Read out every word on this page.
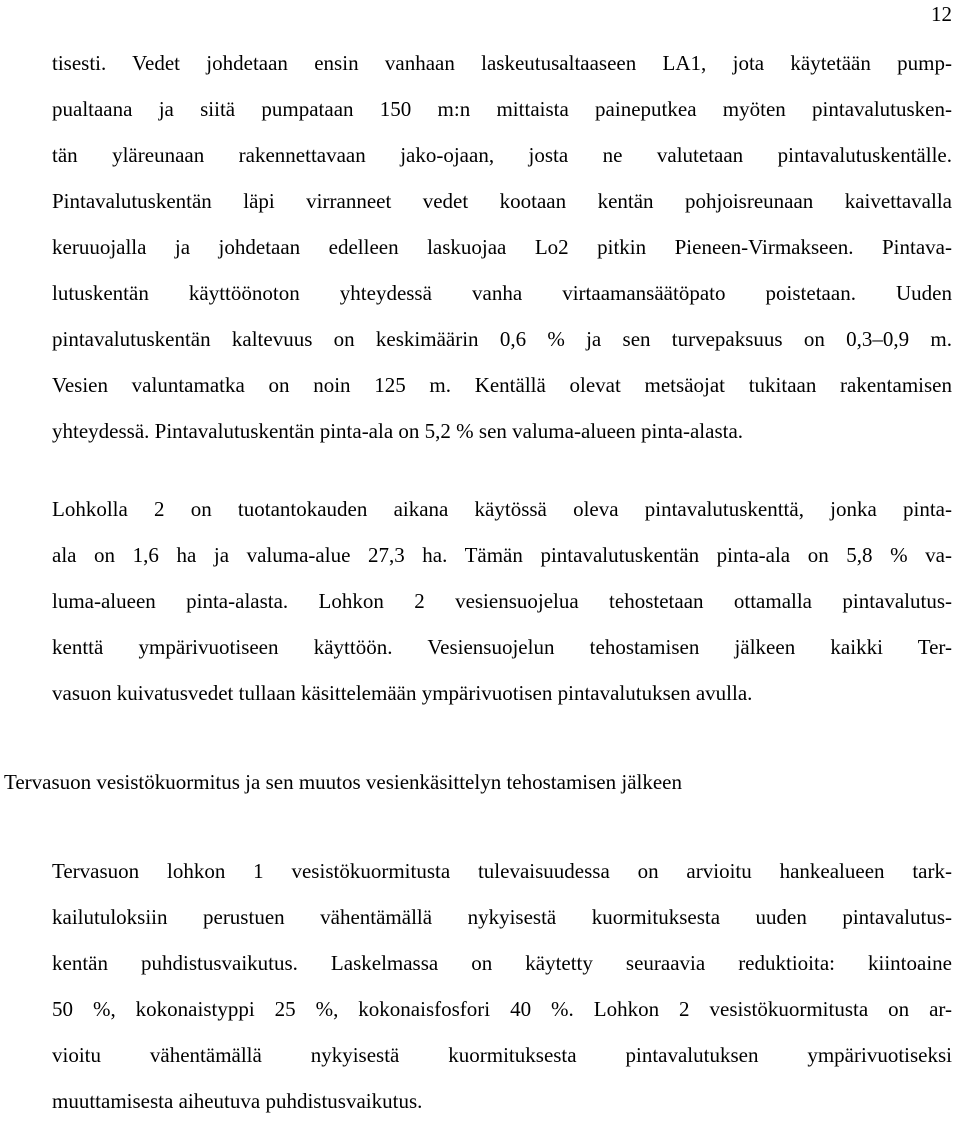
12
tisesti. Vedet johdetaan ensin vanhaan laskeutusaltaaseen LA1, jota käytetään pump-
pualtaana ja siitä pumpataan 150 m:n mittaista paineputkea myöten pintavalutusken-
tän yläreunaan rakennettavaan jako-ojaan, josta ne valutetaan pintavalutuskentälle.
Pintavalutuskentän läpi virranneet vedet kootaan kentän pohjoisreunaan kaivettavalla
keruuojalla ja johdetaan edelleen laskuojaa Lo2 pitkin Pieneen-Virmakseen. Pintava-
lutuskentän käyttöönoton yhteydessä vanha virtaamansäätöpato poistetaan. Uuden
pintavalutuskentän kaltevuus on keskimäärin 0,6 % ja sen turvepaksuus on 0,3–0,9 m.
Vesien valuntamatka on noin 125 m. Kentällä olevat metsäojat tukitaan rakentamisen
yhteydessä. Pintavalutuskentän pinta-ala on 5,2 % sen valuma-alueen pinta-alasta.
Lohkolla 2 on tuotantokauden aikana käytössä oleva pintavalutuskenttä, jonka pinta-
ala on 1,6 ha ja valuma-alue 27,3 ha. Tämän pintavalutuskentän pinta-ala on 5,8 % va-
luma-alueen pinta-alasta. Lohkon 2 vesiensuojelua tehostetaan ottamalla pintavalutus-
kenttä ympärivuotiseen käyttöön. Vesiensuojelun tehostamisen jälkeen kaikki Ter-
vasuon kuivatusvedet tullaan käsittelemään ympärivuotisen pintavalutuksen avulla.
Tervasuon vesistökuormitus ja sen muutos vesienkäsittelyn tehostamisen jälkeen
Tervasuon lohkon 1 vesistökuormitusta tulevaisuudessa on arvioitu hankealueen tark-
kailutuloksiin perustuen vähentämällä nykyisestä kuormituksesta uuden pintavalutus-
kentän puhdistusvaikutus. Laskelmassa on käytetty seuraavia reduktioita: kiintoaine
50 %, kokonaistyppi 25 %, kokonaisfosfori 40 %. Lohkon 2 vesistökuormitusta on ar-
vioitu vähentämällä nykyisestä kuormituksesta pintavalutuksen ympärivuotiseksi
muuttamisesta aiheutuva puhdistusvaikutus.
